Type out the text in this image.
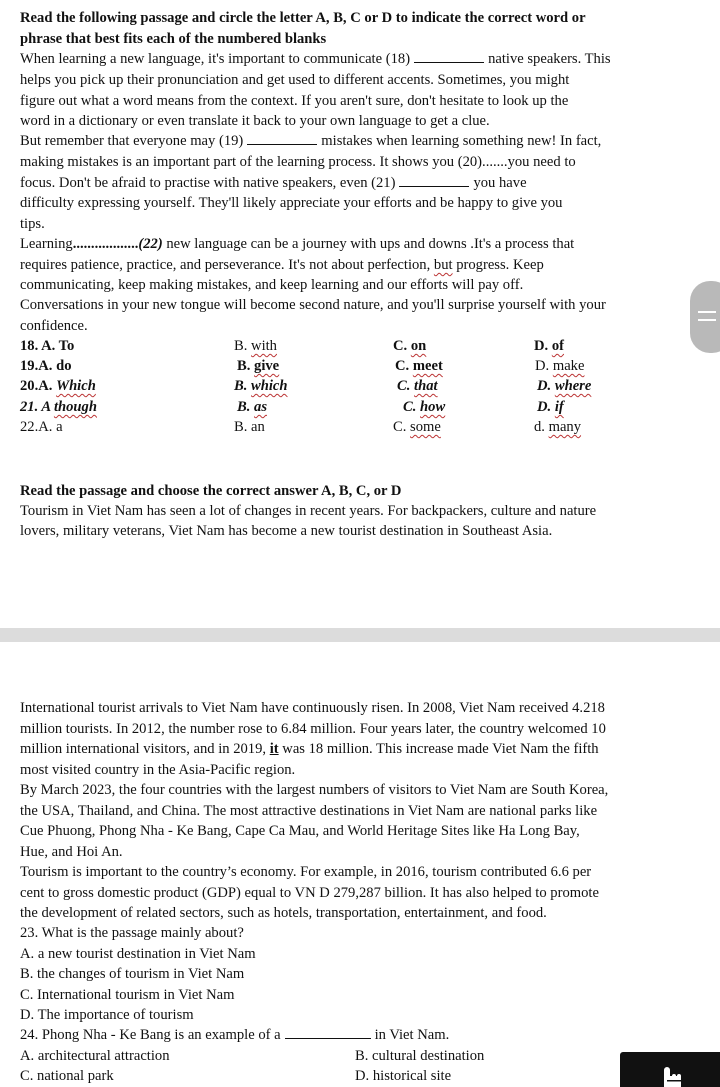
Read the following passage and circle the letter A, B, C or D to indicate the correct word or
phrase that best fits each of the numbered blanks
When learning a new language, it's important to communicate (18)	native speakers. This
helps you pick up their pronunciation and get used to different accents. Sometimes, you might
figure out what a word means from the context. If you aren't sure, don't hesitate to look up the
word in a dictionary or even translate it back to your own language to get a clue.
But remember that everyone may (19)	mistakes when learning something new! In fact,
making mistakes is an important part of the learning process. It shows you (20).......you need to
focus. Don't be afraid to practise with native speakers, even (21)	you have
difficulty expressing yourself. They'll likely appreciate your efforts and be happy to give you
tips.
Learning..................(22) new language can be a journey with ups and downs .It's a process that
requires patience, practice, and perseverance. It's not about perfection, but progress. Keep
communicating, keep making mistakes, and keep learning and our efforts will pay off.
Conversations in your new tongue will become second nature, and you'll surprise yourself with your
confidence.
18. A. To	B. with	C. on	D. of
19.A. do	B. give	C. meet	D. make
20.A. Which	B. which	C. that	D. where
21. A though	B. as	C. how	D. if
22.A. a	B. an	C. some	d. many
Read the passage and choose the correct answer A, B, C, or D
Tourism in Viet Nam has seen a lot of changes in recent years. For backpackers, culture and nature
lovers, military veterans, Viet Nam has become a new tourist destination in Southeast Asia.
International tourist arrivals to Viet Nam have continuously risen. In 2008, Viet Nam received 4.218
million tourists. In 2012, the number rose to 6.84 million. Four years later, the country welcomed 10
million international visitors, and in 2019, it was 18 million. This increase made Viet Nam the fifth
most visited country in the Asia-Pacific region.
By March 2023, the four countries with the largest numbers of visitors to Viet Nam are South Korea,
the USA, Thailand, and China. The most attractive destinations in Viet Nam are national parks like
Cue Phuong, Phong Nha - Ke Bang, Cape Ca Mau, and World Heritage Sites like Ha Long Bay,
Hue, and Hoi An.
Tourism is important to the country’s economy. For example, in 2016, tourism contributed 6.6 per
cent to gross domestic product (GDP) equal to VN D 279,287 billion. It has also helped to promote
the development of related sectors, such as hotels, transportation, entertainment, and food.
23. What is the passage mainly about?
A. a new tourist destination in Viet Nam
B. the changes of tourism in Viet Nam
C. International tourism in Viet Nam
D. The importance of tourism
24. Phong Nha - Ke Bang is an example of a	in Viet Nam.
A. architectural attraction	B. cultural destination
C. national park	D. historical site
